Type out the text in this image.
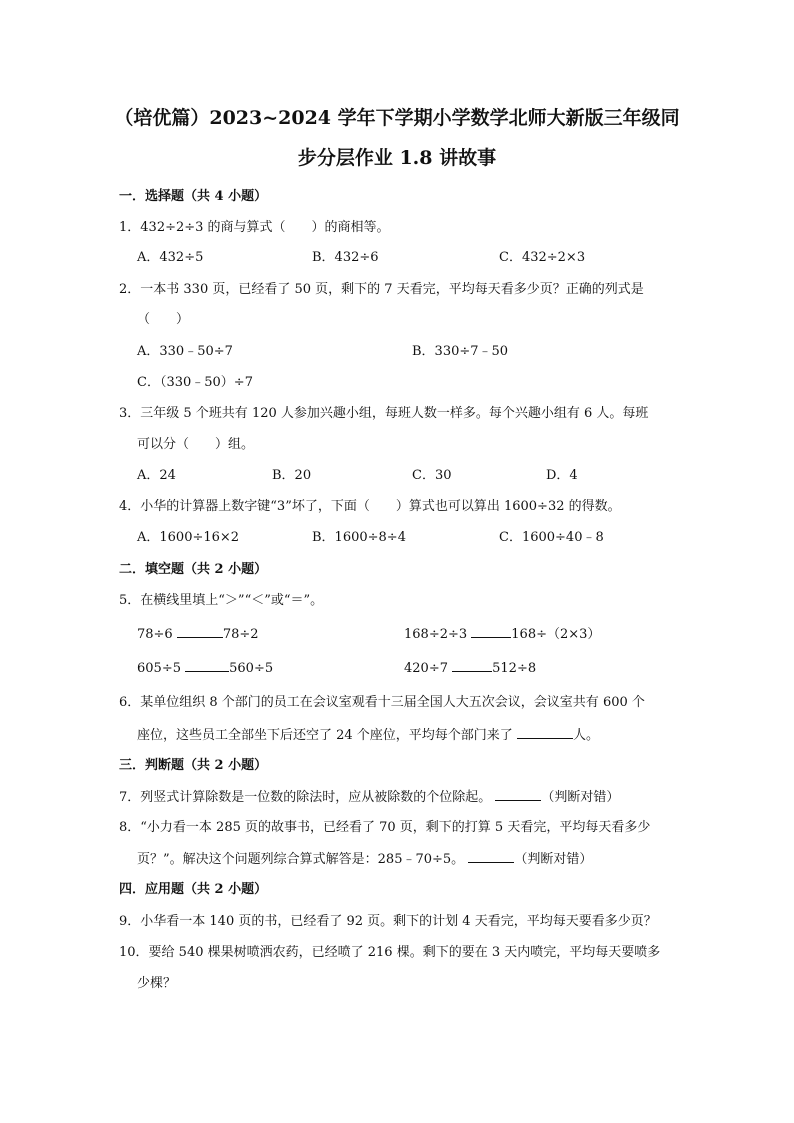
（培优篇）2023~2024 学年下学期小学数学北师大新版三年级同
步分层作业 1.8 讲故事
一．选择题（共 4 小题）
1．432÷2÷3 的商与算式（　　）的商相等。
A．432÷5	B．432÷6	C．432÷2×3
2．一本书 330 页，已经看了 50 页，剩下的 7 天看完，平均每天看多少页？正确的列式是
（　　）
A．330﹣50÷7	B．330÷7﹣50
C．（330﹣50）÷7
3．三年级 5 个班共有 120 人参加兴趣小组，每班人数一样多。每个兴趣小组有 6 人。每班
可以分（　　）组。
A．24	B．20	C．30	D．4
4．小华的计算器上数字键“3”坏了，下面（　　）算式也可以算出 1600÷32 的得数。
A．1600÷16×2	B．1600÷8÷4	C．1600÷40﹣8
二．填空题（共 2 小题）
5．在横线里填上“＞”“＜”或“＝”。
78÷6	78÷2	168÷2÷3	168÷（2×3）
605÷5	560÷5	420÷7	512÷8
6．某单位组织 8 个部门的员工在会议室观看十三届全国人大五次会议，会议室共有 600 个
座位，这些员工全部坐下后还空了 24 个座位，平均每个部门来了	人。
三．判断题（共 2 小题）
7．列竖式计算除数是一位数的除法时，应从被除数的个位除起。	（判断对错）
8．“小力看一本 285 页的故事书，已经看了 70 页，剩下的打算 5 天看完，平均每天看多少
页？”。解决这个问题列综合算式解答是：285﹣70÷5。	（判断对错）
四．应用题（共 2 小题）
9．小华看一本 140 页的书，已经看了 92 页。剩下的计划 4 天看完，平均每天要看多少页？
10．要给 540 棵果树喷洒农药，已经喷了 216 棵。剩下的要在 3 天内喷完，平均每天要喷多
少棵？
